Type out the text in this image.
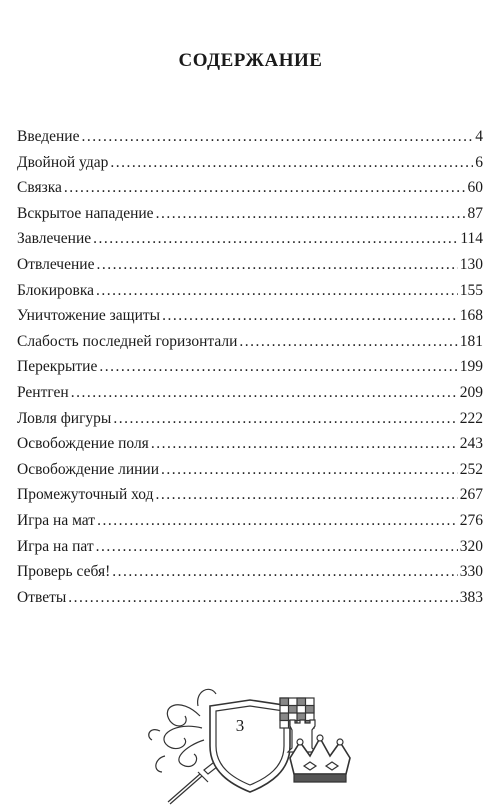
СОДЕРЖАНИЕ
Введение .....	4
Двойной удар .....	6
Связка .....	60
Вскрытое нападение .....	87
Завлечение .....	114
Отвлечение .....	130
Блокировка .....	155
Уничтожение защиты .....	168
Слабость последней горизонтали .....	181
Перекрытие .....	199
Рентген .....	209
Ловля фигуры .....	222
Освобождение поля .....	243
Освобождение линии .....	252
Промежуточный ход .....	267
Игра на мат .....	276
Игра на пат .....	320
Проверь себя! .....	330
Ответы .....	383
3
